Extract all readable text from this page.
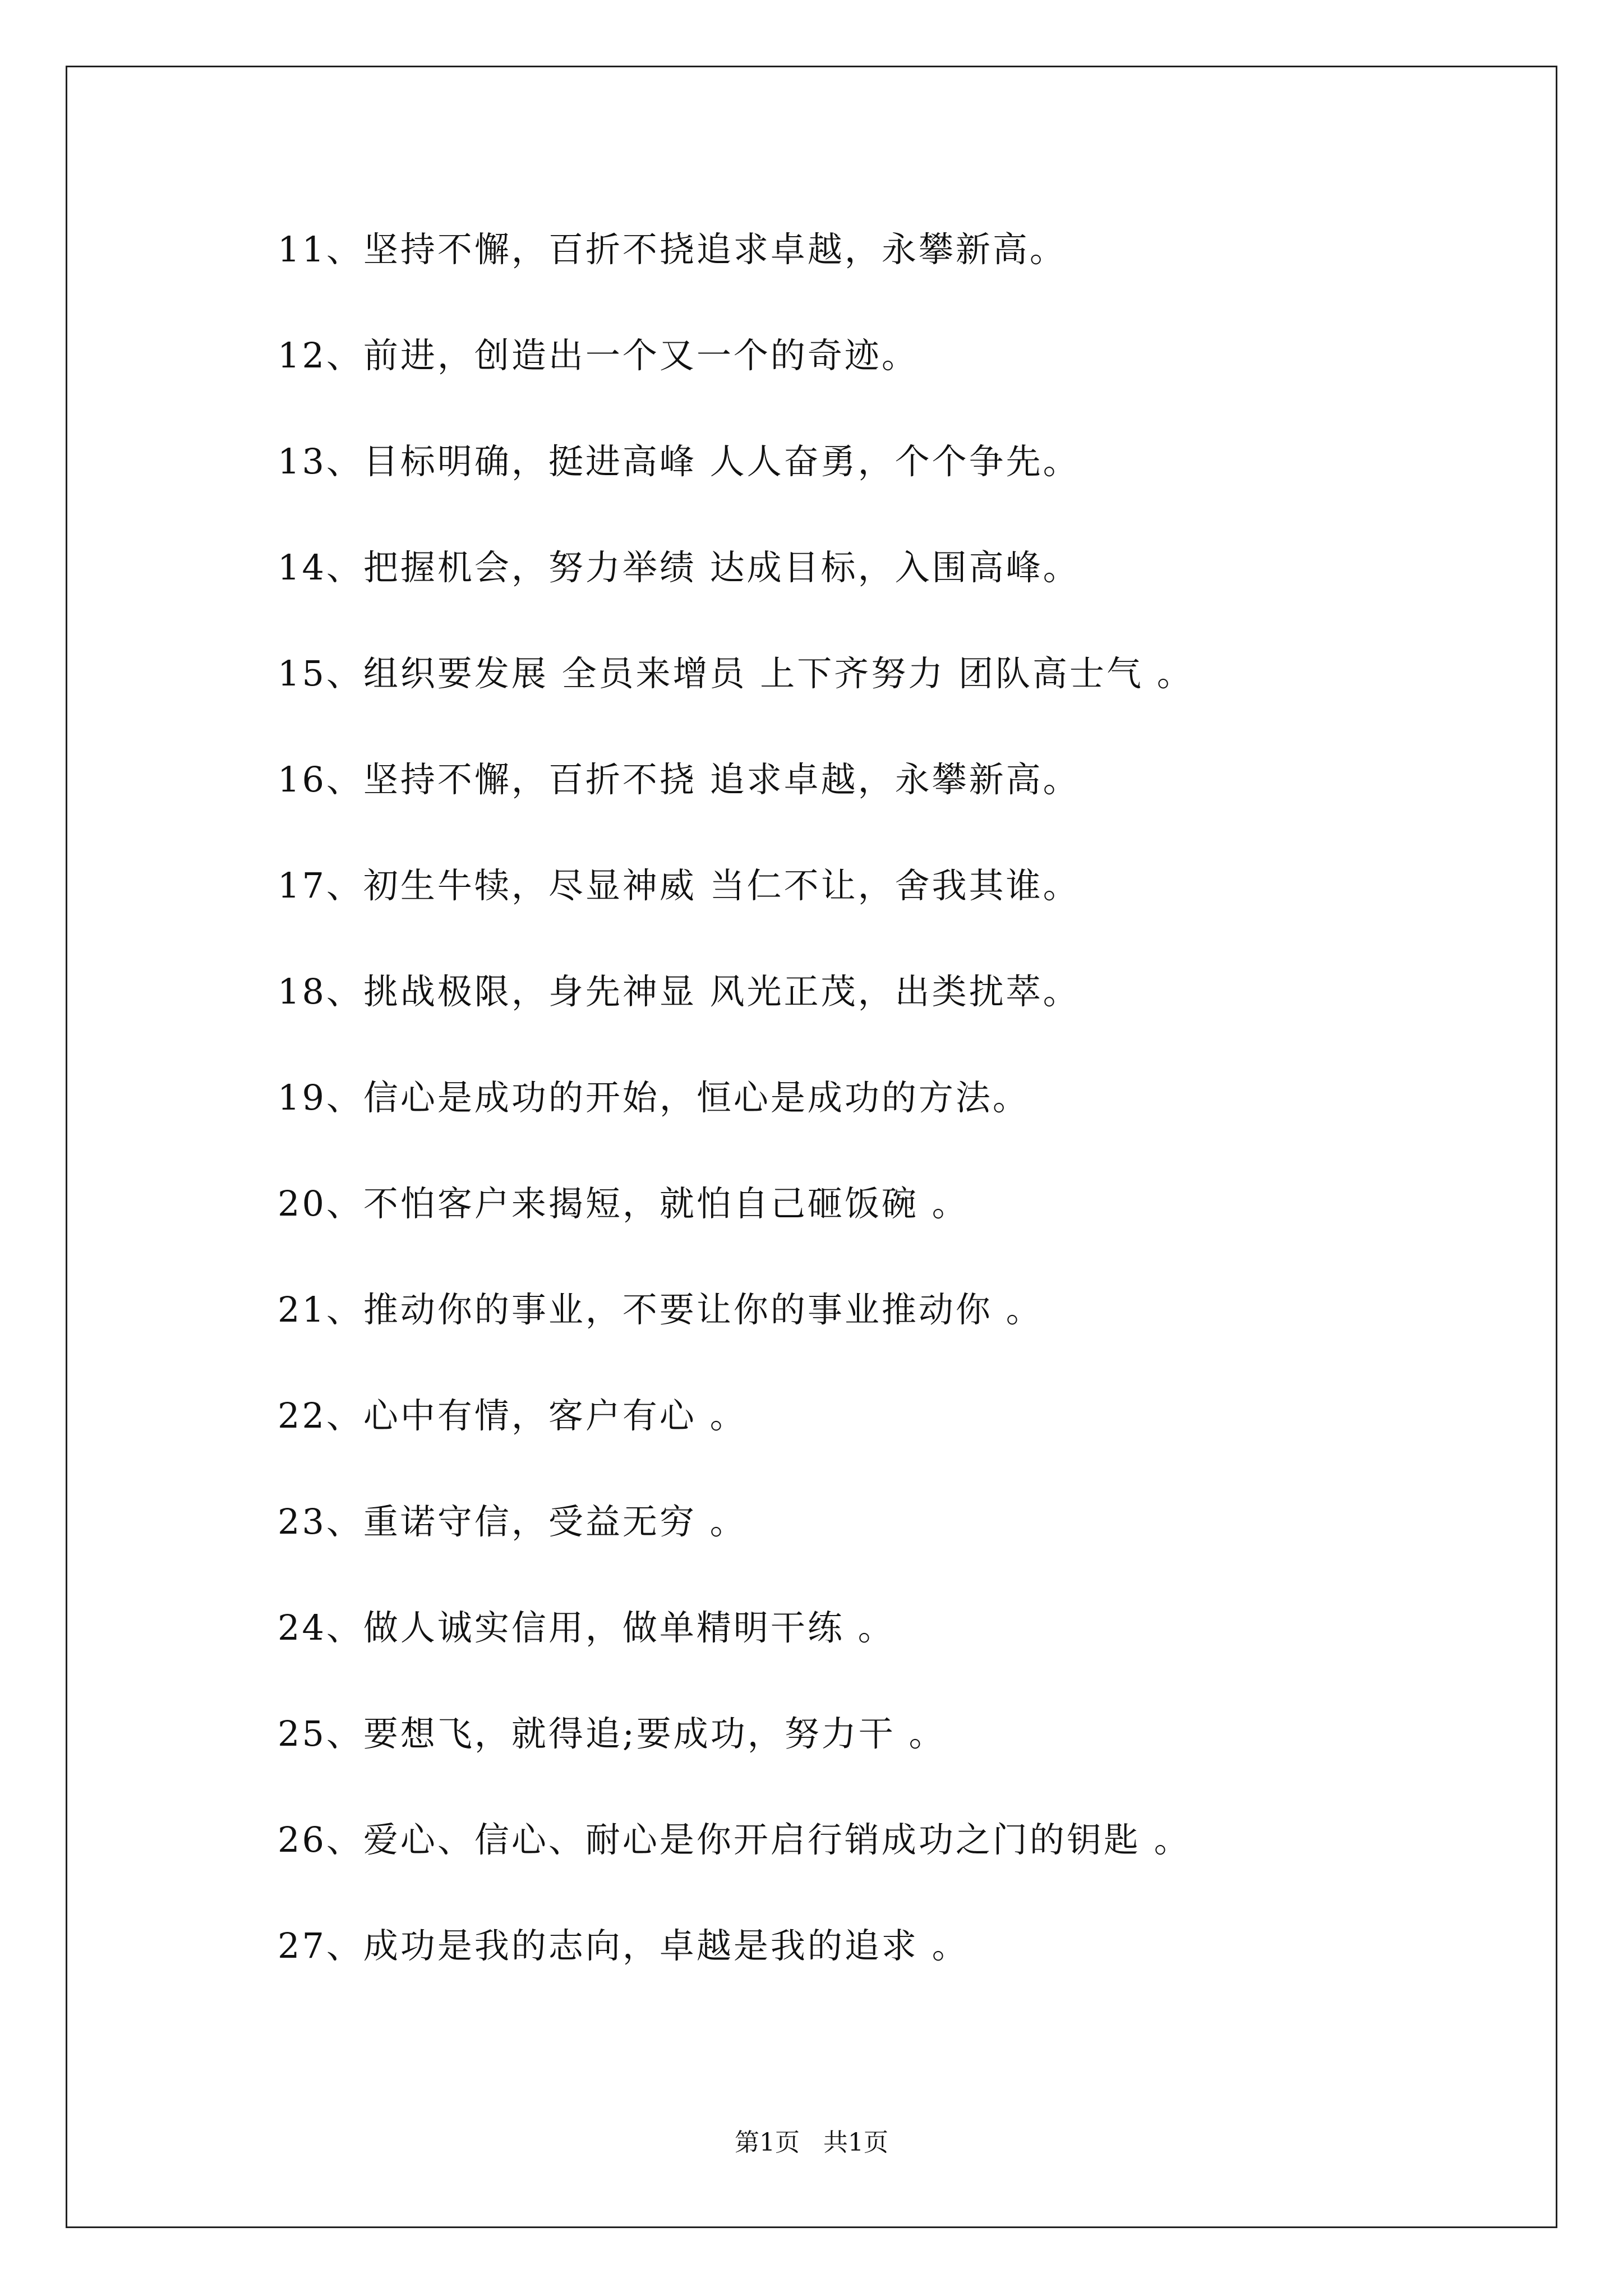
11、坚持不懈，百折不挠追求卓越，永攀新高。
12、前进，创造出一个又一个的奇迹。
13、目标明确，挺进高峰 人人奋勇，个个争先。
14、把握机会，努力举绩 达成目标，入围高峰。
15、组织要发展 全员来增员 上下齐努力 团队高士气 。
16、坚持不懈，百折不挠 追求卓越，永攀新高。
17、初生牛犊，尽显神威 当仁不让，舍我其谁。
18、挑战极限，身先神显 风光正茂，出类扰萃。
19、信心是成功的开始，恒心是成功的方法。
20、不怕客户来揭短，就怕自己砸饭碗 。
21、推动你的事业，不要让你的事业推动你 。
22、心中有情，客户有心 。
23、重诺守信，受益无穷 。
24、做人诚实信用，做单精明干练 。
25、要想飞，就得追;要成功，努力干 。
26、爱心、信心、耐心是你开启行销成功之门的钥匙 。
27、成功是我的志向，卓越是我的追求 。
第1页   共1页
